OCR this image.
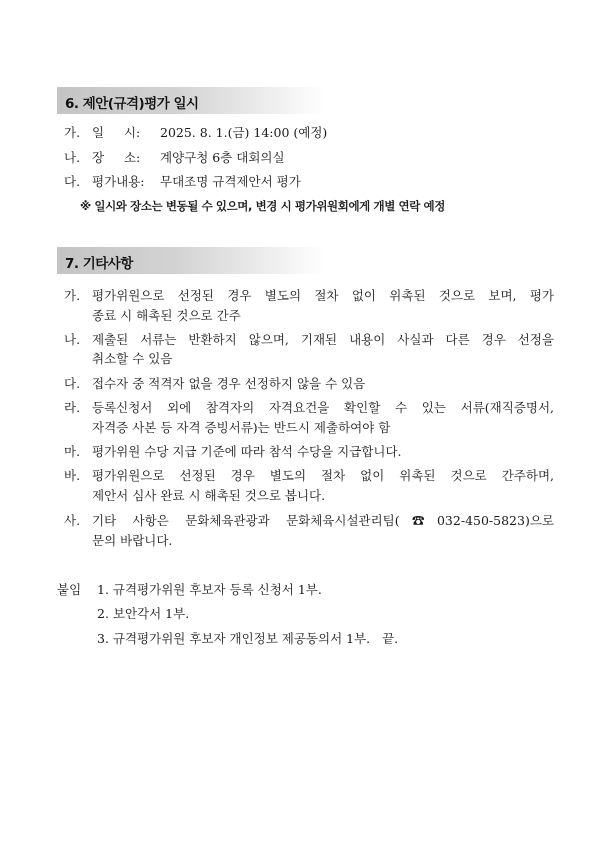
6. 제안(규격)평가 일시
가. 일     시: 2025. 8. 1.(금) 14:00 (예정)
나. 장     소: 계양구청 6층 대회의실
다. 평가내용: 무대조명 규격제안서 평가
※ 일시와 장소는 변동될 수 있으며, 변경 시 평가위원회에게 개별 연락 예정
7. 기타사항
가. 평가위원으로 선정된 경우 별도의 절차 없이 위촉된 것으로 보며, 평가
종료 시 해촉된 것으로 간주
나. 제출된 서류는 반환하지 않으며, 기재된 내용이 사실과 다른 경우 선정을
취소할 수 있음
다. 접수자 중 적격자 없을 경우 선정하지 않을 수 있음
라. 등록신청서 외에 참격자의 자격요건을 확인할 수 있는 서류(재직증명서,
자격증 사본 등 자격 증빙서류)는 반드시 제출하여야 함
마. 평가위원 수당 지급 기준에 따라 참석 수당을 지급합니다.
바. 평가위원으로 선정된 경우 별도의 절차 없이 위촉된 것으로 간주하며,
제안서 심사 완료 시 해촉된 것으로 봅니다.
사. 기타 사항은 문화체육관광과 문화체육시설관리팀(☎032-450-5823)으로
문의 바랍니다.
붙임 1. 규격평가위원 후보자 등록 신청서 1부.
2. 보안각서 1부.
3. 규격평가위원 후보자 개인정보 제공동의서 1부.   끝.
